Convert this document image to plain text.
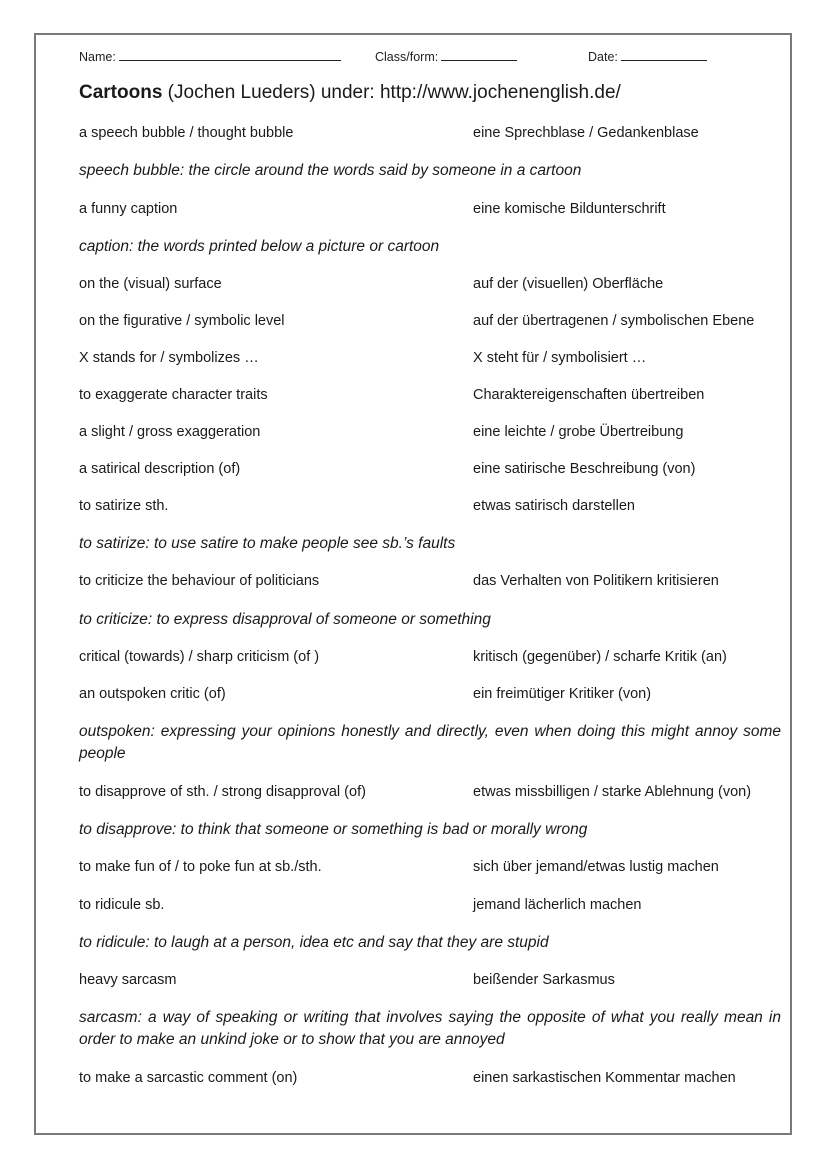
Name:	Class/form:	Date:
Cartoons (Jochen Lueders) under: http://www.jochenenglish.de/
a speech bubble / thought bubble	eine Sprechblase / Gedankenblase
speech bubble: the circle around the words said by someone in a cartoon
a funny caption	eine komische Bildunterschrift
caption: the words printed below a picture or cartoon
on the (visual) surface	auf der (visuellen) Oberfläche
on the figurative / symbolic level	auf der übertragenen / symbolischen Ebene
X stands for / symbolizes …	X steht für / symbolisiert …
to exaggerate character traits	Charaktereigenschaften übertreiben
a slight / gross exaggeration	eine leichte / grobe Übertreibung
a satirical description (of)	eine satirische Beschreibung (von)
to satirize sth.	etwas satirisch darstellen
to satirize: to use satire to make people see sb.’s faults
to criticize the behaviour of politicians	das Verhalten von Politikern kritisieren
to criticize: to express disapproval of someone or something
critical (towards) / sharp criticism (of )	kritisch (gegenüber) / scharfe Kritik (an)
an outspoken critic (of)	ein freimütiger Kritiker (von)
outspoken: expressing your opinions honestly and directly, even when doing this might annoy some people
to disapprove of sth. / strong disapproval (of)	etwas missbilligen / starke Ablehnung (von)
to disapprove: to think that someone or something is bad or morally wrong
to make fun of / to poke fun at sb./sth.	sich über jemand/etwas lustig machen
to ridicule sb.	jemand lächerlich machen
to ridicule: to laugh at a person, idea etc and say that they are stupid
heavy sarcasm	beißender Sarkasmus
sarcasm: a way of speaking or writing that involves saying the opposite of what you really mean in order to make an unkind joke or to show that you are annoyed
to make a sarcastic comment (on)	einen sarkastischen Kommentar machen
